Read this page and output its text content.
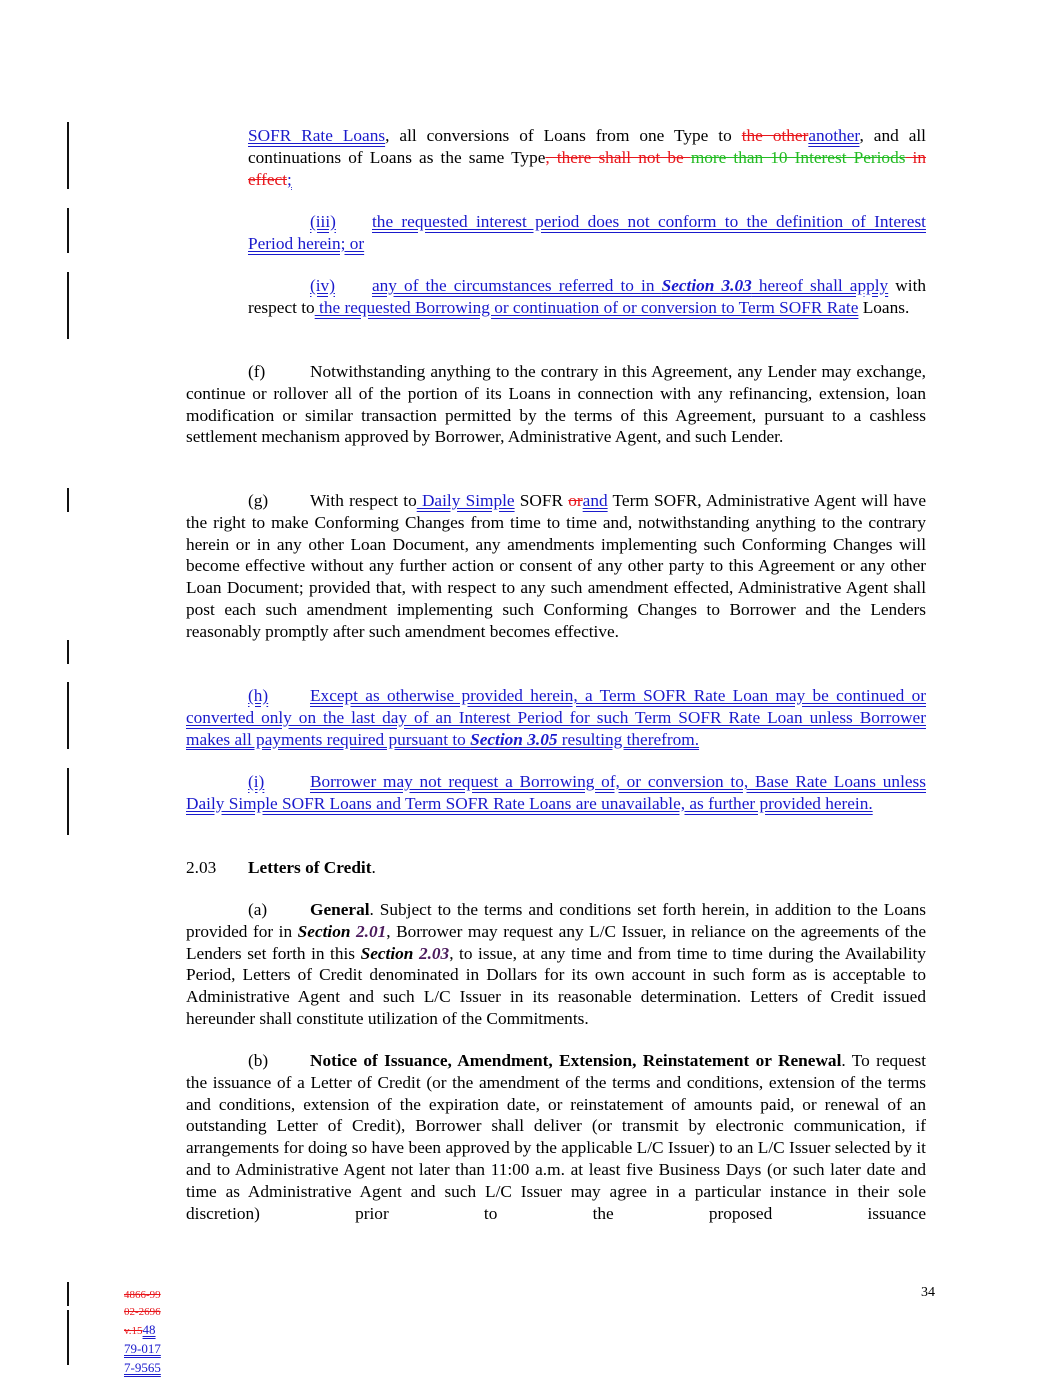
SOFR Rate Loans, all conversions of Loans from one Type to the otheranother, and all continuations of Loans as the same Type, there shall not be more than 10 Interest Periods in effect;
(iii) the requested interest period does not conform to the definition of Interest Period herein; or
(iv) any of the circumstances referred to in Section 3.03 hereof shall apply with respect to the requested Borrowing or continuation of or conversion to Term SOFR Rate Loans.
(f)	Notwithstanding anything to the contrary in this Agreement, any Lender may exchange, continue or rollover all of the portion of its Loans in connection with any refinancing, extension, loan modification or similar transaction permitted by the terms of this Agreement, pursuant to a cashless settlement mechanism approved by Borrower, Administrative Agent, and such Lender.
(g) With respect to Daily Simple SOFR orand Term SOFR, Administrative Agent will have the right to make Conforming Changes from time to time and, notwithstanding anything to the contrary herein or in any other Loan Document, any amendments implementing such Conforming Changes will become effective without any further action or consent of any other party to this Agreement or any other Loan Document; provided that, with respect to any such amendment effected, Administrative Agent shall post each such amendment implementing such Conforming Changes to Borrower and the Lenders reasonably promptly after such amendment becomes effective.
(h) Except as otherwise provided herein, a Term SOFR Rate Loan may be continued or converted only on the last day of an Interest Period for such Term SOFR Rate Loan unless Borrower makes all payments required pursuant to Section 3.05 resulting therefrom.
(i)	Borrower may not request a Borrowing of, or conversion to, Base Rate Loans unless Daily Simple SOFR Loans and Term SOFR Rate Loans are unavailable, as further provided herein.
2.03 Letters of Credit.
(a) General. Subject to the terms and conditions set forth herein, in addition to the Loans provided for in Section 2.01, Borrower may request any L/C Issuer, in reliance on the agreements of the Lenders set forth in this Section 2.03, to issue, at any time and from time to time during the Availability Period, Letters of Credit denominated in Dollars for its own account in such form as is acceptable to Administrative Agent and such L/C Issuer in its reasonable determination. Letters of Credit issued hereunder shall constitute utilization of the Commitments.
(b) Notice of Issuance, Amendment, Extension, Reinstatement or Renewal. To request the issuance of a Letter of Credit (or the amendment of the terms and conditions, extension of the terms and conditions, extension of the expiration date, or reinstatement of amounts paid, or renewal of an outstanding Letter of Credit), Borrower shall deliver (or transmit by electronic communication, if arrangements for doing so have been approved by the applicable L/C Issuer) to an L/C Issuer selected by it and to Administrative Agent not later than 11:00 a.m. at least five Business Days (or such later date and time as Administrative Agent and such L/C Issuer may agree in a particular instance in their sole discretion) prior to the proposed issuance
34
4866-99
02-2696
v.1548
79-017
7-9565
